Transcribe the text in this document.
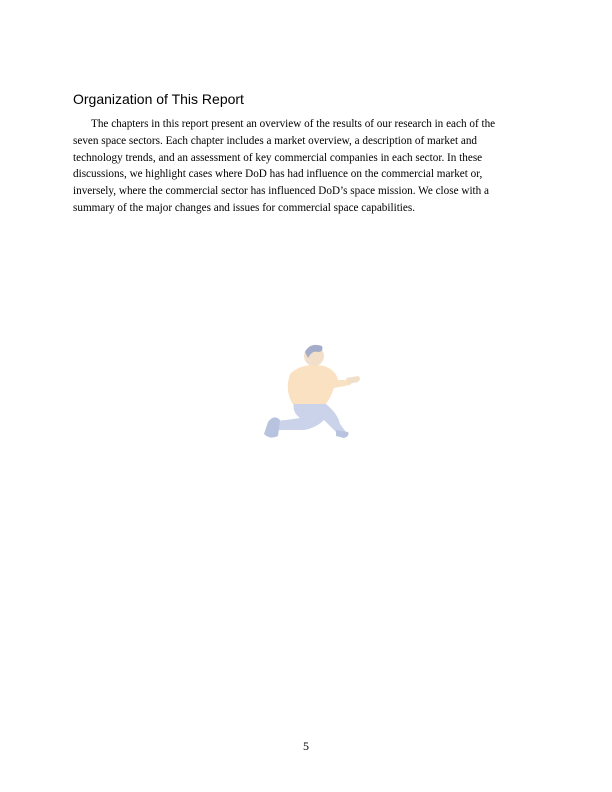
Organization of This Report

The chapters in this report present an overview of the results of our research in each of the
seven space sectors. Each chapter includes a market overview, a description of market and
technology trends, and an assessment of key commercial companies in each sector. In these
discussions, we highlight cases where DoD has had influence on the commercial market or,
inversely, where the commercial sector has influenced DoD’s space mission. We close with a
summary of the major changes and issues for commercial space capabilities.

5
